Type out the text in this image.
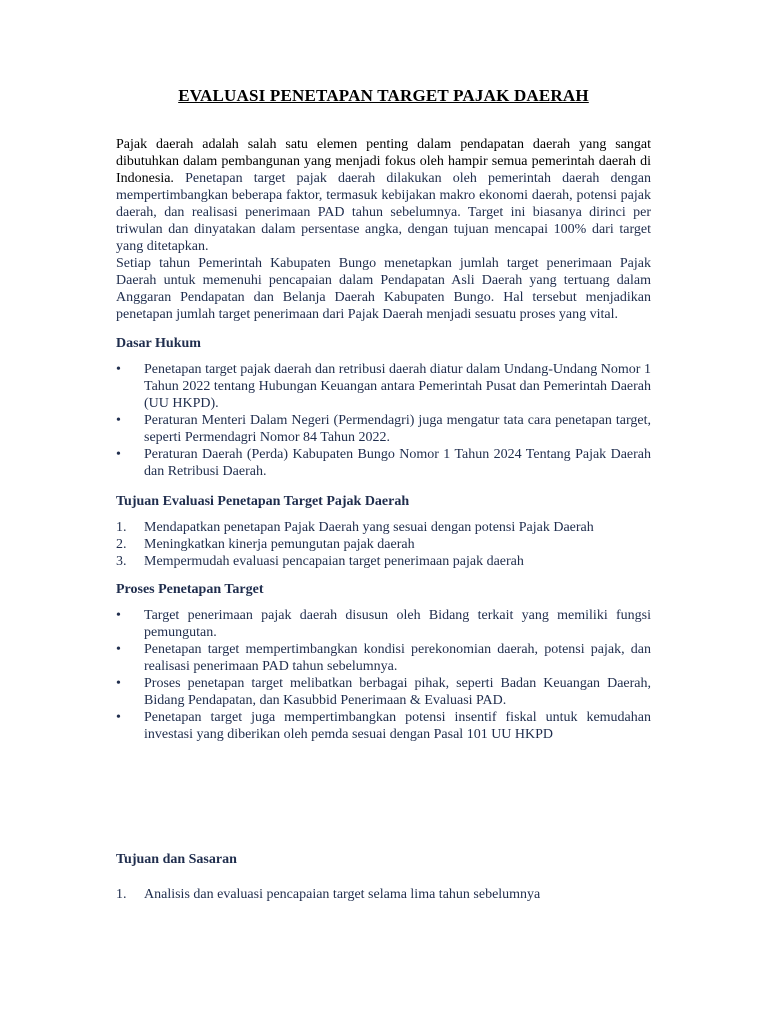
EVALUASI PENETAPAN TARGET PAJAK DAERAH

Pajak daerah adalah salah satu elemen penting dalam pendapatan daerah yang sangat dibutuhkan dalam pembangunan yang menjadi fokus oleh hampir semua pemerintah daerah di Indonesia. Penetapan target pajak daerah dilakukan oleh pemerintah daerah dengan mempertimbangkan beberapa faktor, termasuk kebijakan makro ekonomi daerah, potensi pajak daerah, dan realisasi penerimaan PAD tahun sebelumnya. Target ini biasanya dirinci per triwulan dan dinyatakan dalam persentase angka, dengan tujuan mencapai 100% dari target yang ditetapkan.

Setiap tahun Pemerintah Kabupaten Bungo menetapkan jumlah target penerimaan Pajak Daerah untuk memenuhi pencapaian dalam Pendapatan Asli Daerah yang tertuang dalam Anggaran Pendapatan dan Belanja Daerah Kabupaten Bungo. Hal tersebut menjadikan penetapan jumlah target penerimaan dari Pajak Daerah menjadi sesuatu proses yang vital.

Dasar Hukum
•	Penetapan target pajak daerah dan retribusi daerah diatur dalam Undang-Undang Nomor 1 Tahun 2022 tentang Hubungan Keuangan antara Pemerintah Pusat dan Pemerintah Daerah (UU HKPD).
•	Peraturan Menteri Dalam Negeri (Permendagri) juga mengatur tata cara penetapan target, seperti Permendagri Nomor 84 Tahun 2022.
•	Peraturan Daerah (Perda) Kabupaten Bungo Nomor 1 Tahun 2024 Tentang Pajak Daerah dan Retribusi Daerah.
Tujuan Evaluasi Penetapan Target Pajak Daerah
1.	Mendapatkan penetapan Pajak Daerah yang sesuai dengan potensi Pajak Daerah
2.	Meningkatkan kinerja pemungutan pajak daerah
3.	Mempermudah evaluasi pencapaian target penerimaan pajak daerah
Proses Penetapan Target
•	Target penerimaan pajak daerah disusun oleh Bidang terkait yang memiliki fungsi pemungutan.
•	Penetapan target mempertimbangkan kondisi perekonomian daerah, potensi pajak, dan realisasi penerimaan PAD tahun sebelumnya.
•	Proses penetapan target melibatkan berbagai pihak, seperti Badan Keuangan Daerah, Bidang Pendapatan, dan Kasubbid Penerimaan & Evaluasi PAD.
•	Penetapan target juga mempertimbangkan potensi insentif fiskal untuk kemudahan investasi yang diberikan oleh pemda sesuai dengan Pasal 101 UU HKPD
Tujuan dan Sasaran
1.	Analisis dan evaluasi pencapaian target selama lima tahun sebelumnya
